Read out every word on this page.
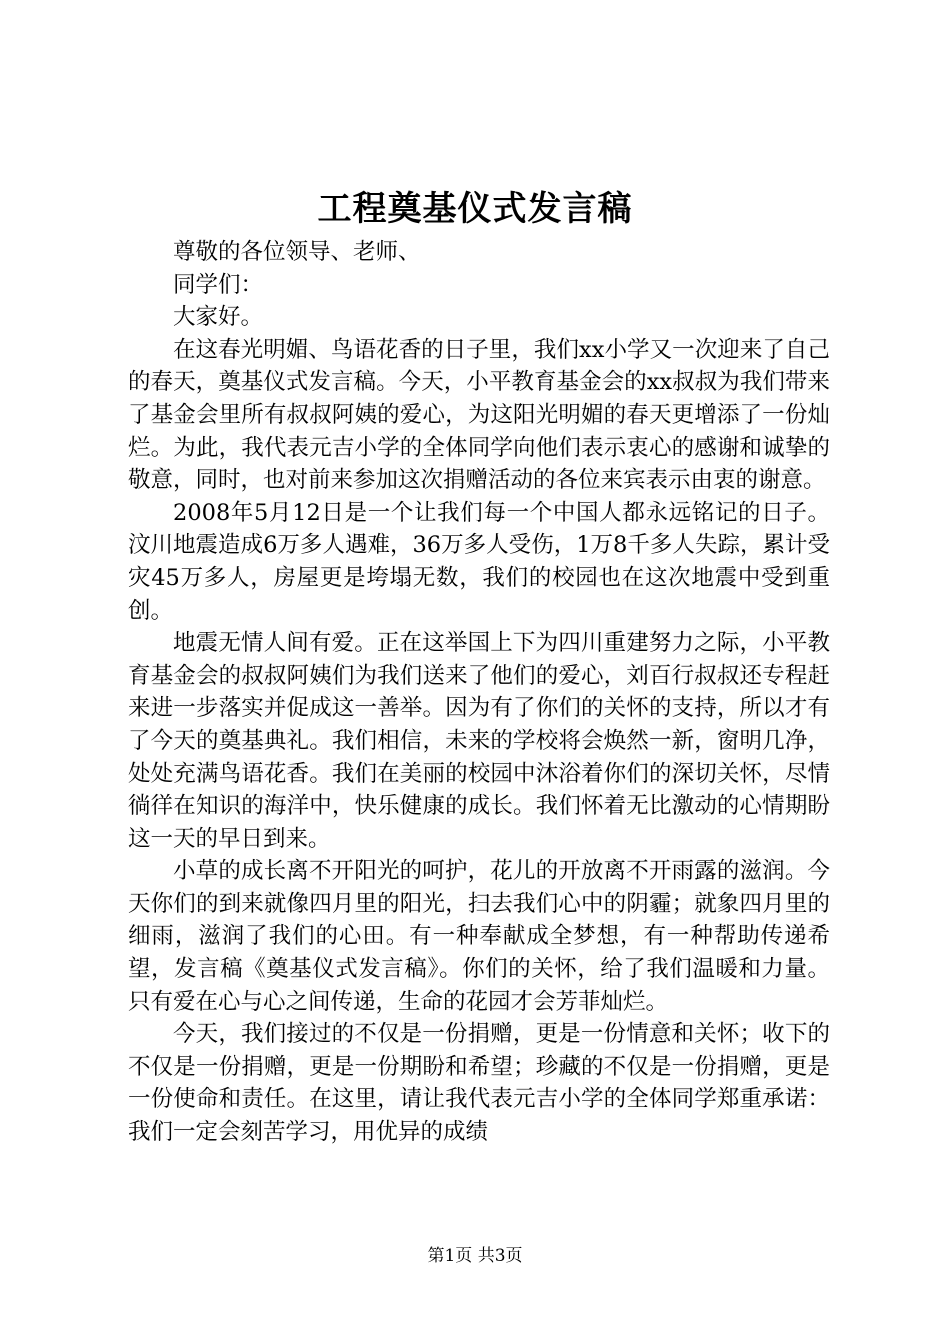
工程奠基仪式发言稿

尊敬的各位领导、老师、

同学们：

大家好。

在这春光明媚、鸟语花香的日子里，我们xx小学又一次迎来了自己的春天，奠基仪式发言稿。今天，小平教育基金会的xx叔叔为我们带来了基金会里所有叔叔阿姨的爱心，为这阳光明媚的春天更增添了一份灿烂。为此，我代表元吉小学的全体同学向他们表示衷心的感谢和诚挚的敬意，同时，也对前来参加这次捐赠活动的各位来宾表示由衷的谢意。

2008年5月12日是一个让我们每一个中国人都永远铭记的日子。汶川地震造成6万多人遇难，36万多人受伤，1万8千多人失踪，累计受灾45万多人，房屋更是垮塌无数，我们的校园也在这次地震中受到重创。

地震无情人间有爱。正在这举国上下为四川重建努力之际，小平教育基金会的叔叔阿姨们为我们送来了他们的爱心，刘百行叔叔还专程赶来进一步落实并促成这一善举。因为有了你们的关怀的支持，所以才有了今天的奠基典礼。我们相信，未来的学校将会焕然一新，窗明几净，处处充满鸟语花香。我们在美丽的校园中沐浴着你们的深切关怀，尽情徜徉在知识的海洋中，快乐健康的成长。我们怀着无比激动的心情期盼这一天的早日到来。

小草的成长离不开阳光的呵护，花儿的开放离不开雨露的滋润。今天你们的到来就像四月里的阳光，扫去我们心中的阴霾；就象四月里的细雨，滋润了我们的心田。有一种奉献成全梦想，有一种帮助传递希望，发言稿《奠基仪式发言稿》。你们的关怀，给了我们温暖和力量。只有爱在心与心之间传递，生命的花园才会芳菲灿烂。

今天，我们接过的不仅是一份捐赠，更是一份情意和关怀；收下的不仅是一份捐赠，更是一份期盼和希望；珍藏的不仅是一份捐赠，更是一份使命和责任。在这里，请让我代表元吉小学的全体同学郑重承诺：我们一定会刻苦学习，用优异的成绩

第1页 共3页
